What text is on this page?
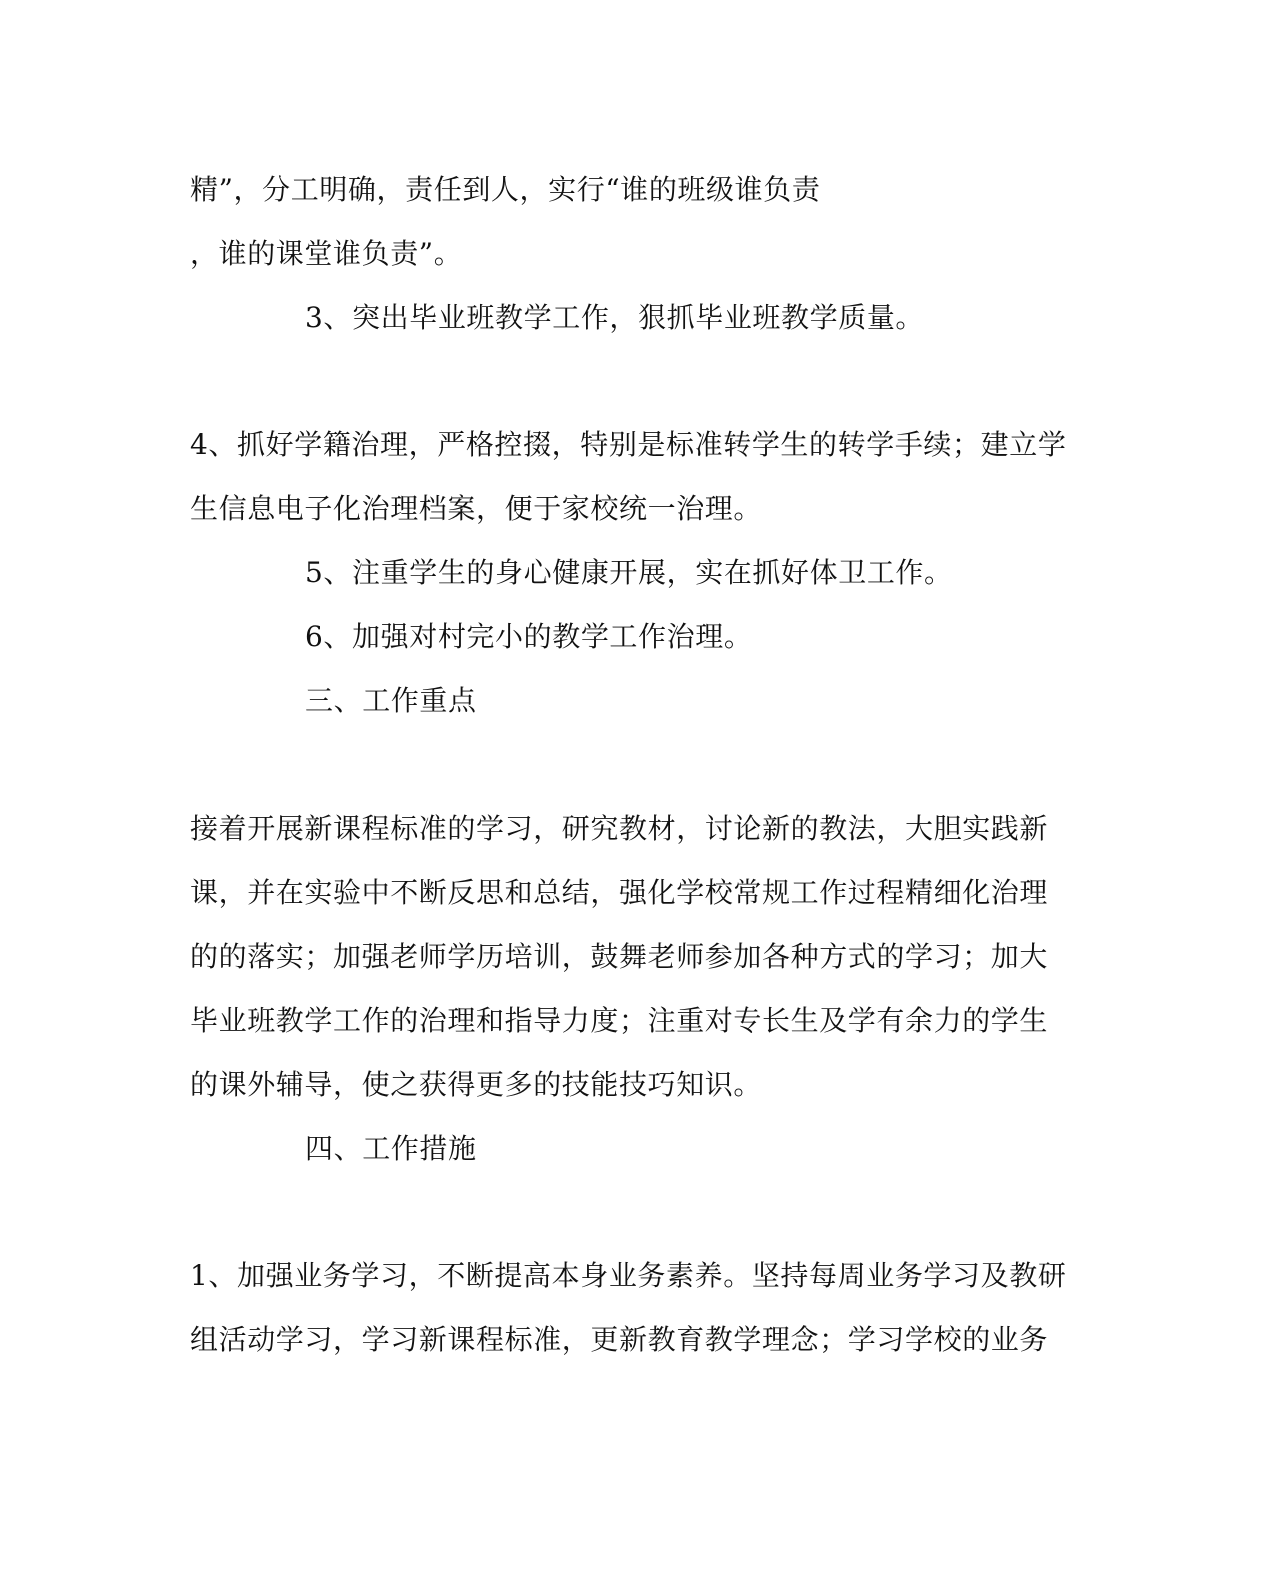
精”，分工明确，责任到人，实行“谁的班级谁负责
，谁的课堂谁负责”。
3、突出毕业班教学工作，狠抓毕业班教学质量。
4、抓好学籍治理，严格控掇，特别是标准转学生的转学手续；建立学
生信息电子化治理档案，便于家校统一治理。
5、注重学生的身心健康开展，实在抓好体卫工作。
6、加强对村完小的教学工作治理。
三、工作重点
接着开展新课程标准的学习，研究教材，讨论新的教法，大胆实践新
课，并在实验中不断反思和总结，强化学校常规工作过程精细化治理
的的落实；加强老师学历培训，鼓舞老师参加各种方式的学习；加大
毕业班教学工作的治理和指导力度；注重对专长生及学有余力的学生
的课外辅导，使之获得更多的技能技巧知识。
四、工作措施
1、加强业务学习，不断提高本身业务素养。坚持每周业务学习及教研
组活动学习，学习新课程标准，更新教育教学理念；学习学校的业务
